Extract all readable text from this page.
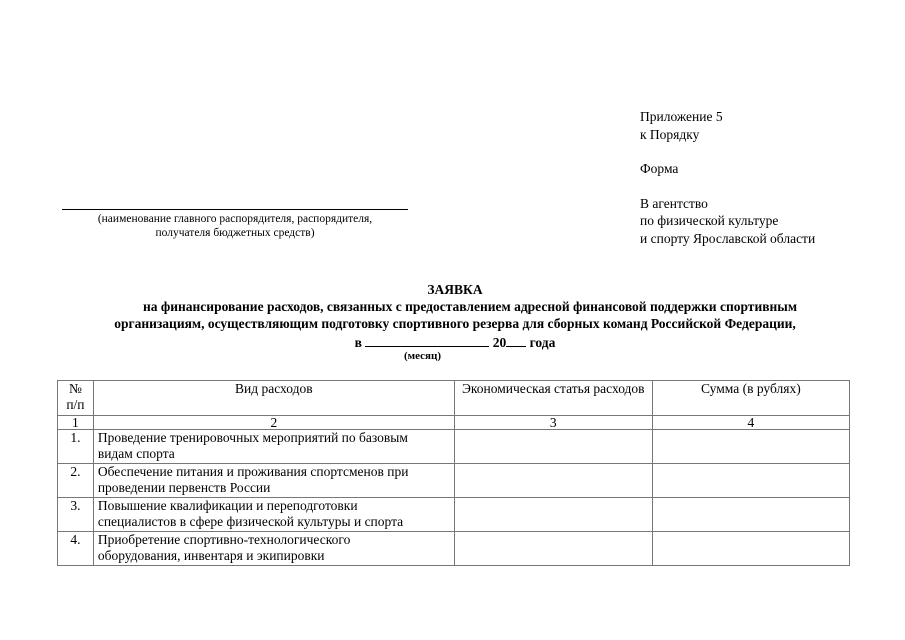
Приложение 5
к Порядку
Форма
В агентство
по физической культуре
и спорту Ярославской области
(наименование главного распорядителя, распорядителя,
получателя бюджетных средств)
ЗАЯВКА
на финансирование расходов, связанных с предоставлением адресной финансовой поддержки спортивным
организациям, осуществляющим подготовку спортивного резерва для сборных команд Российской Федерации,
в	20 года
(месяц)
№
п/п	Вид расходов	Экономическая статья расходов	Сумма (в рублях)
1	2	3	4
1.	Проведение тренировочных мероприятий по базовым
видам спорта		

2.	Обеспечение питания и проживания спортсменов при
проведении первенств России		

3.	Повышение квалификации и переподготовки
специалистов в сфере физической культуры и спорта		

4.	Приобретение спортивно-технологического
оборудования, инвентаря и экипировки		
